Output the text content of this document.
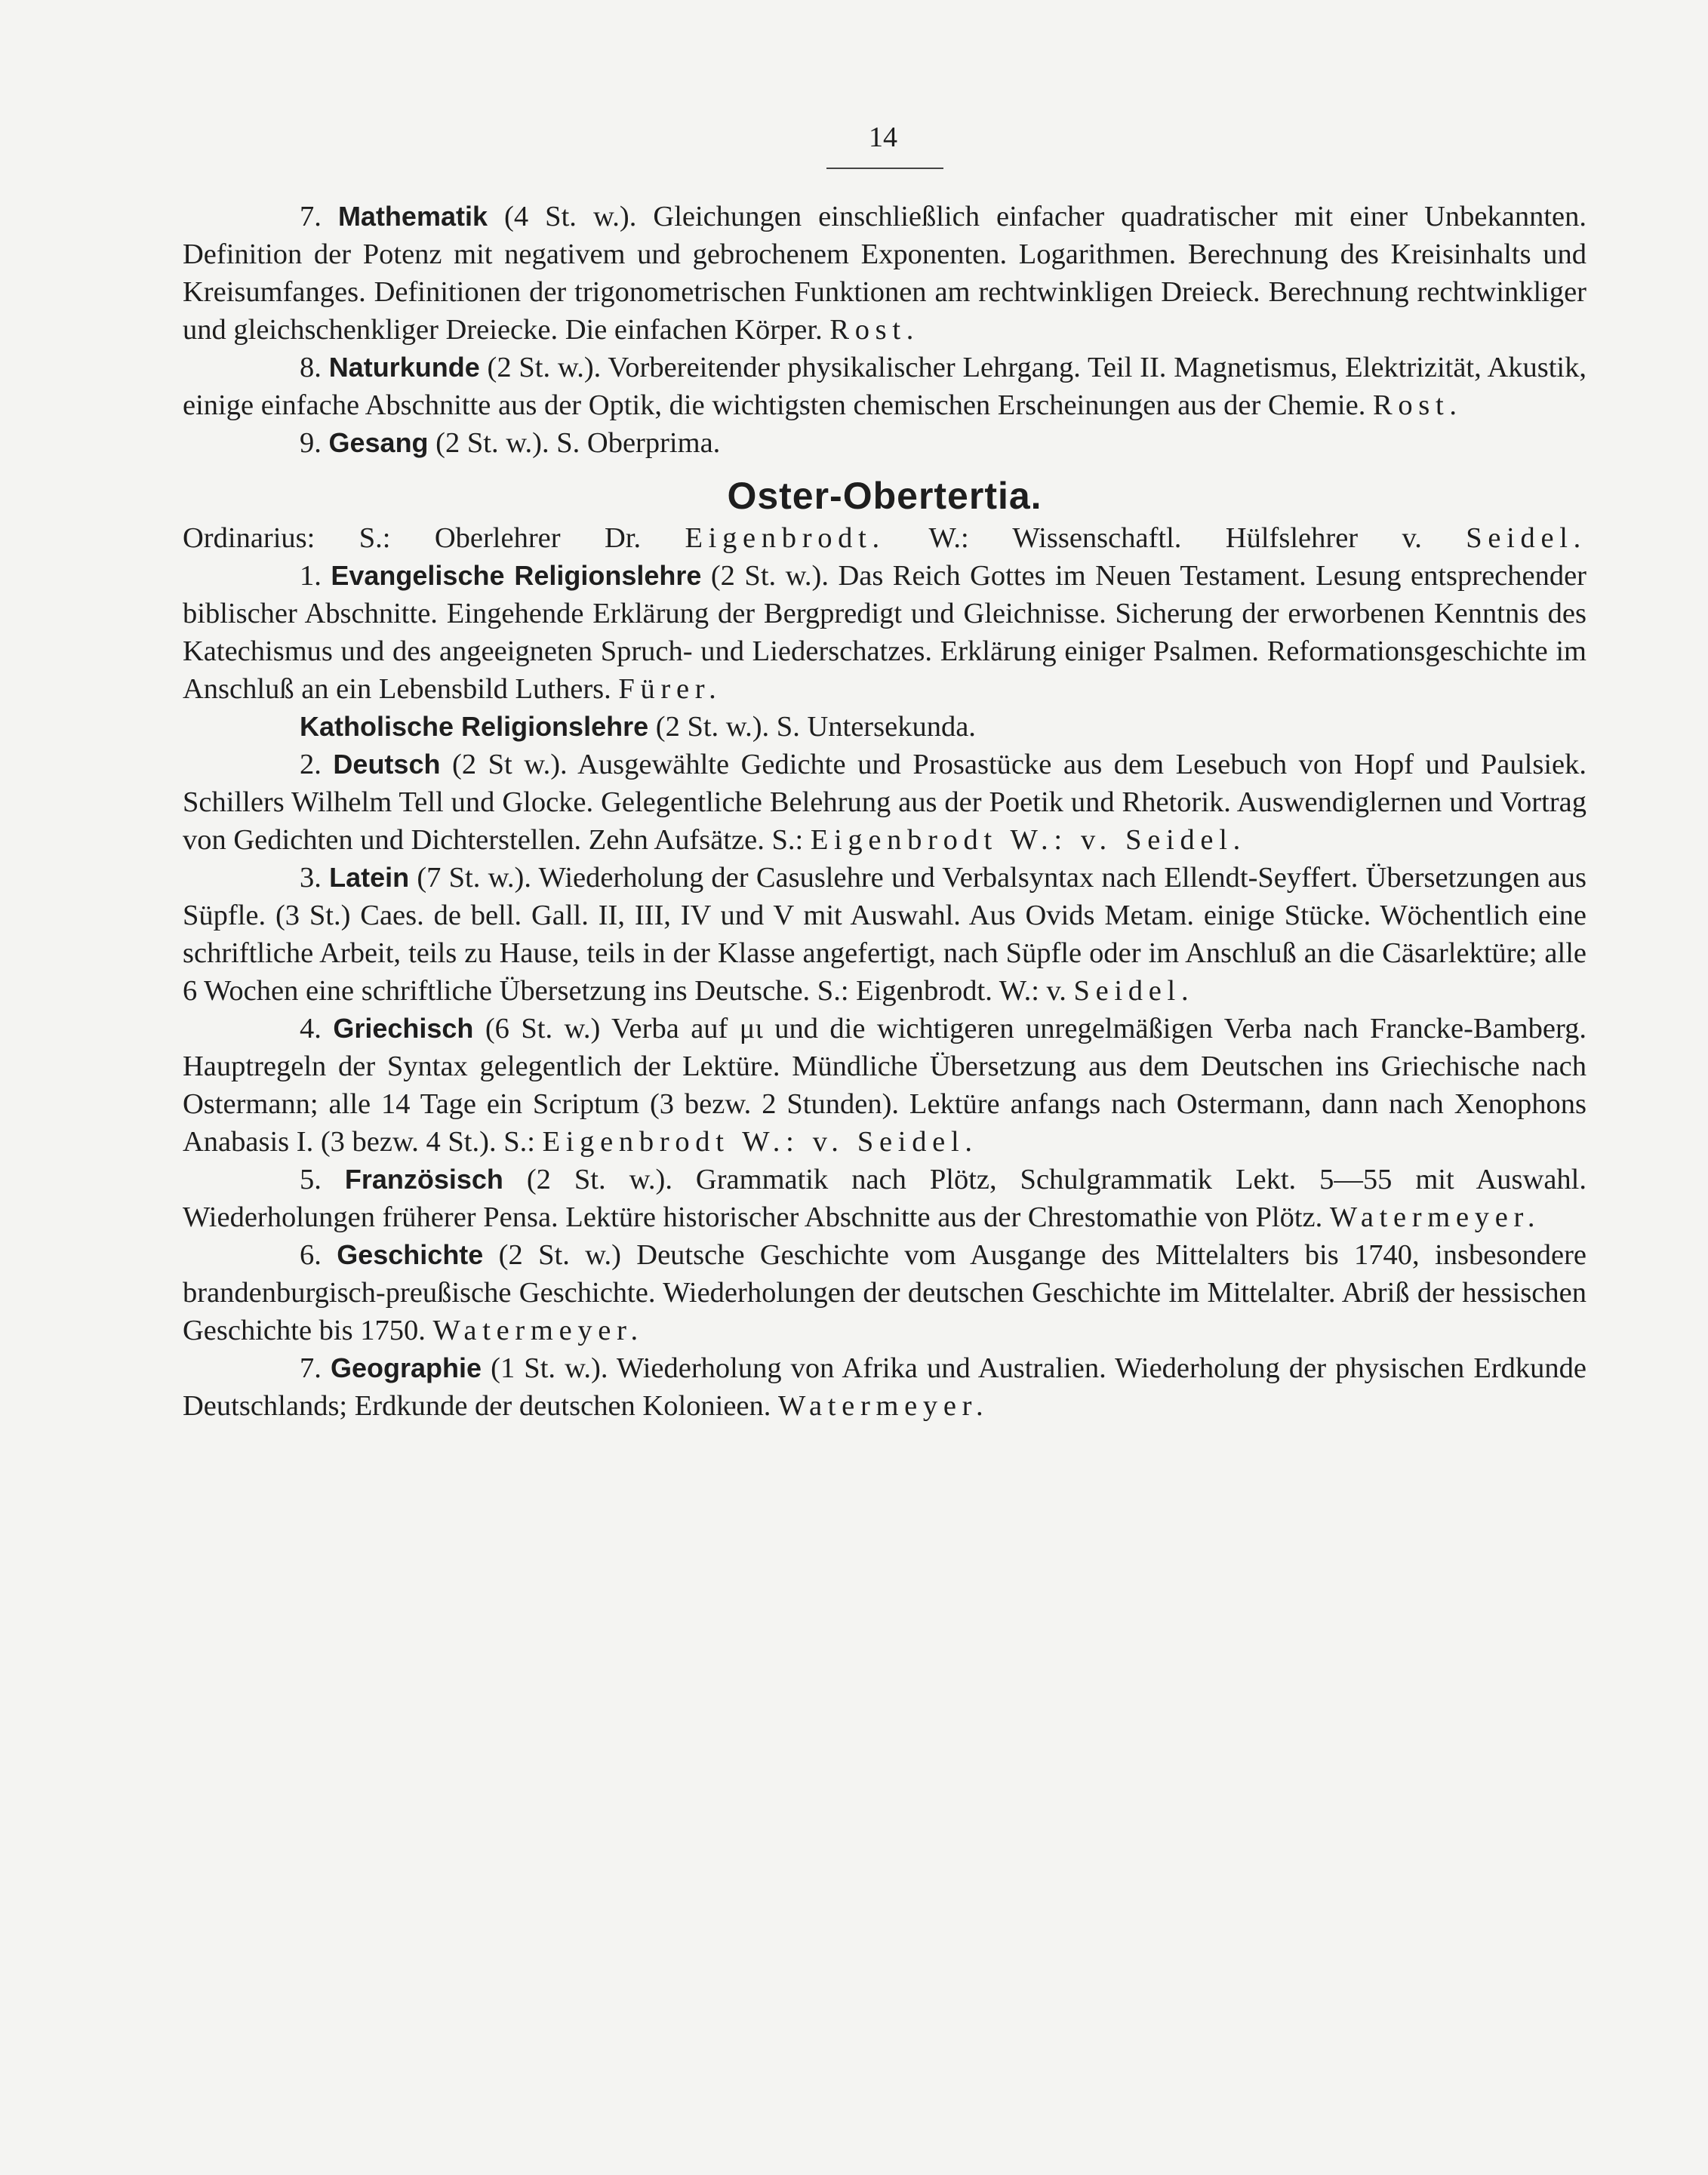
14

7. Mathematik (4 St. w.). Gleichungen einschließlich einfacher quadratischer mit einer Unbekannten. Definition der Potenz mit negativem und gebrochenem Exponenten. Logarithmen. Berechnung des Kreisinhalts und Kreisumfanges. Definitionen der trigonometrischen Funktionen am rechtwinkligen Dreieck. Berechnung rechtwinkliger und gleichschenkliger Dreiecke. Die einfachen Körper. Rost.

8. Naturkunde (2 St. w.). Vorbereitender physikalischer Lehrgang. Teil II. Magnetismus, Elektrizität, Akustik, einige einfache Abschnitte aus der Optik, die wichtigsten chemischen Erscheinungen aus der Chemie. Rost.

9. Gesang (2 St. w.). S. Oberprima.

Oster-Obertertia.

Ordinarius: S.: Oberlehrer Dr. Eigenbrodt. W.: Wissenschaftl. Hülfslehrer v. Seidel.

1. Evangelische Religionslehre (2 St. w.). Das Reich Gottes im Neuen Testament. Lesung entsprechender biblischer Abschnitte. Eingehende Erklärung der Bergpredigt und Gleichnisse. Sicherung der erworbenen Kenntnis des Katechismus und des angeeigneten Spruch- und Liederschatzes. Erklärung einiger Psalmen. Reformationsgeschichte im Anschluß an ein Lebensbild Luthers. Fürer.

Katholische Religionslehre (2 St. w.). S. Untersekunda.

2. Deutsch (2 St w.). Ausgewählte Gedichte und Prosastücke aus dem Lesebuch von Hopf und Paulsiek. Schillers Wilhelm Tell und Glocke. Gelegentliche Belehrung aus der Poetik und Rhetorik. Auswendiglernen und Vortrag von Gedichten und Dichterstellen. Zehn Aufsätze. S.: Eigenbrodt W.: v. Seidel.

3. Latein (7 St. w.). Wiederholung der Casuslehre und Verbalsyntax nach Ellendt-Seyffert. Übersetzungen aus Süpfle. (3 St.) Caes. de bell. Gall. II, III, IV und V mit Auswahl. Aus Ovids Metam. einige Stücke. Wöchentlich eine schriftliche Arbeit, teils zu Hause, teils in der Klasse angefertigt, nach Süpfle oder im Anschluß an die Cäsarlektüre; alle 6 Wochen eine schriftliche Übersetzung ins Deutsche. S.: Eigenbrodt. W.: v. Seidel.

4. Griechisch (6 St. w.) Verba auf μι und die wichtigeren unregelmäßigen Verba nach Francke-Bamberg. Hauptregeln der Syntax gelegentlich der Lektüre. Mündliche Übersetzung aus dem Deutschen ins Griechische nach Ostermann; alle 14 Tage ein Scriptum (3 bezw. 2 Stunden). Lektüre anfangs nach Ostermann, dann nach Xenophons Anabasis I. (3 bezw. 4 St.). S.: Eigenbrodt W.: v. Seidel.

5. Französisch (2 St. w.). Grammatik nach Plötz, Schulgrammatik Lekt. 5—55 mit Auswahl. Wiederholungen früherer Pensa. Lektüre historischer Abschnitte aus der Chrestomathie von Plötz. Watermeyer.

6. Geschichte (2 St. w.) Deutsche Geschichte vom Ausgange des Mittelalters bis 1740, insbesondere brandenburgisch-preußische Geschichte. Wiederholungen der deutschen Geschichte im Mittelalter. Abriß der hessischen Geschichte bis 1750. Watermeyer.

7. Geographie (1 St. w.). Wiederholung von Afrika und Australien. Wiederholung der physischen Erdkunde Deutschlands; Erdkunde der deutschen Kolonieen. Watermeyer.
